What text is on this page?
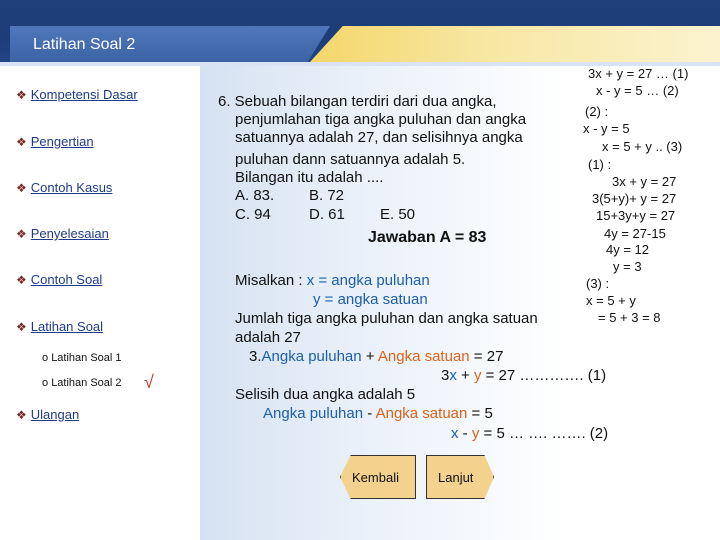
Latihan Soal 2
❖ Kompetensi Dasar
❖ Pengertian
❖ Contoh Kasus
❖ Penyelesaian
❖ Contoh Soal
❖ Latihan Soal
o Latihan Soal 1
o Latihan Soal 2 √
❖ Ulangan
6. Sebuah bilangan terdiri dari dua angka,
penjumlahan tiga angka puluhan dan angka
satuannya adalah 27, dan selisihnya angka
puluhan dann satuannya adalah 5.
Bilangan itu adalah ....
A. 83. B. 72
C. 94	D. 61 E. 50
Jawaban A = 83
Misalkan : x = angka puluhan
y = angka satuan
Jumlah tiga angka puluhan dan angka satuan
adalah 27
3.Angka puluhan + Angka satuan = 27
3x + y = 27 …………. (1)
Selisih dua angka adalah 5
Angka puluhan - Angka satuan = 5
x - y = 5 … …. ……. (2)
3x + y = 27 … (1)
x - y = 5 … (2)
(2) :
x - y = 5
x = 5 + y .. (3)
(1) :
3x + y = 27
3(5+y)+ y = 27
15+3y+y = 27
4y = 27-15
4y = 12
y = 3
(3) :
x = 5 + y
= 5 + 3 = 8
Kembali	Lanjut
